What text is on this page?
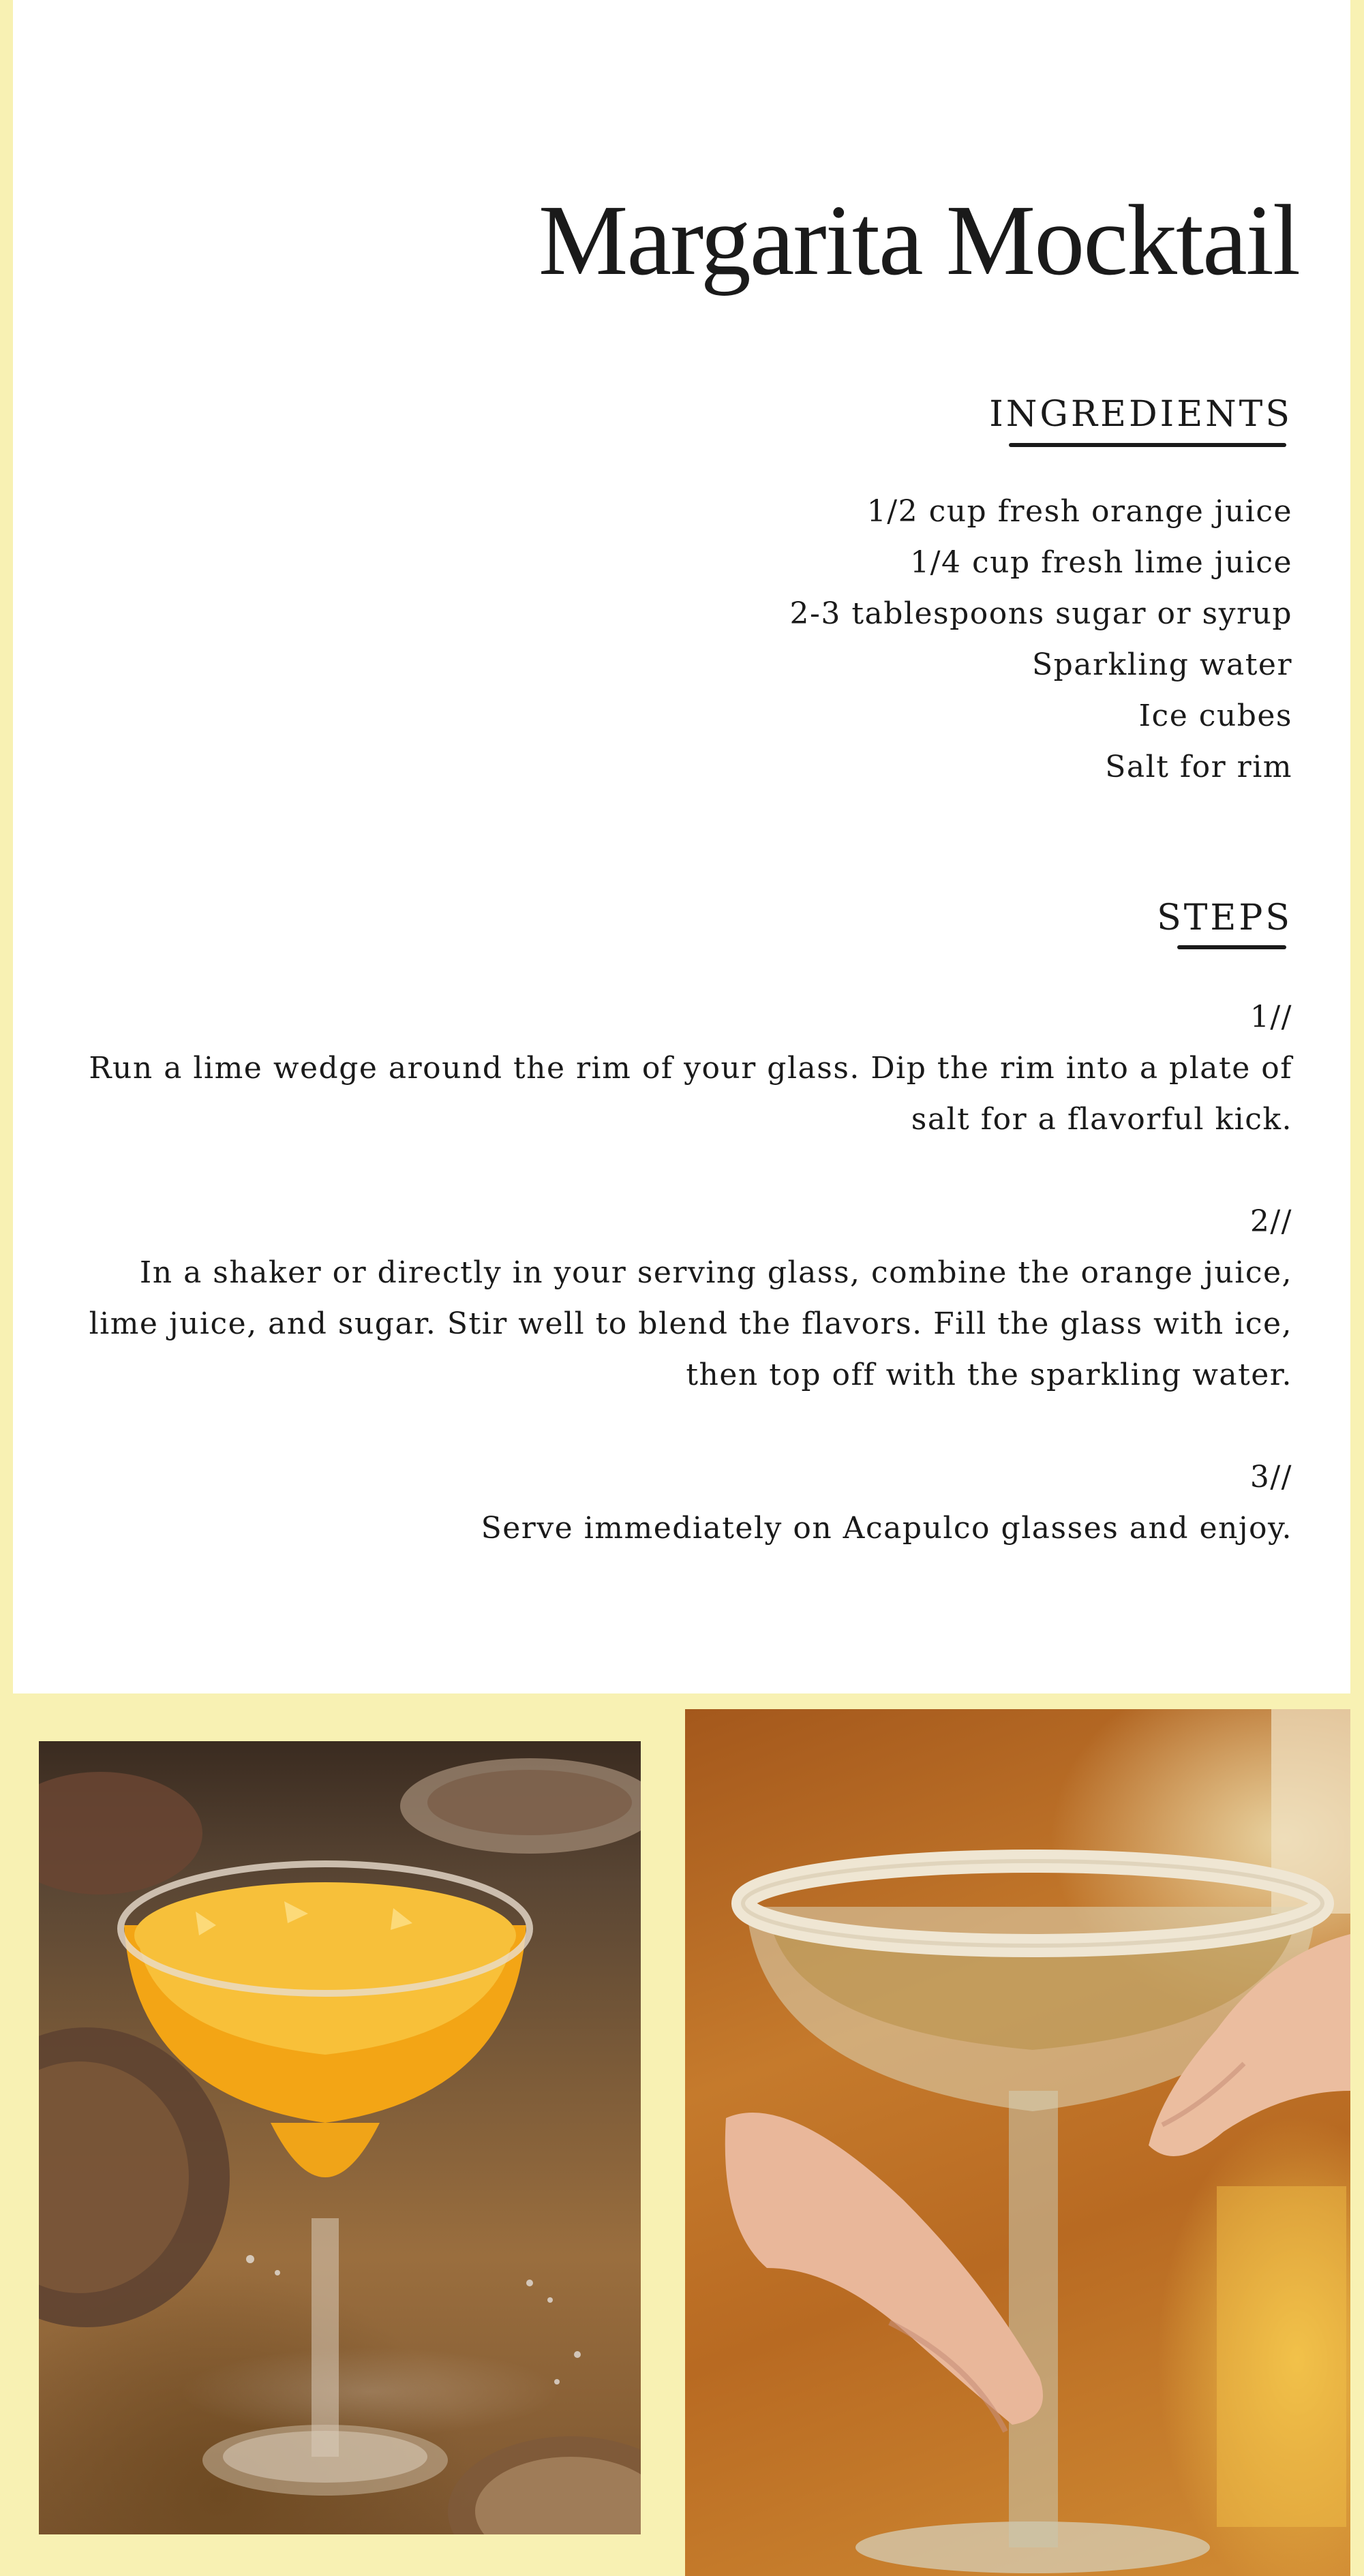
Margarita Mocktail
INGREDIENTS
1/2 cup fresh orange juice
1/4 cup fresh lime juice
2-3 tablespoons sugar or syrup
Sparkling water
Ice cubes
Salt for rim
STEPS
1//
Run a lime wedge around the rim of your glass. Dip the rim into a plate of salt for a flavorful kick.
2//
In a shaker or directly in your serving glass, combine the orange juice, lime juice, and sugar. Stir well to blend the flavors. Fill the glass with ice, then top off with the sparkling water.
3//
Serve immediately on Acapulco glasses and enjoy.
